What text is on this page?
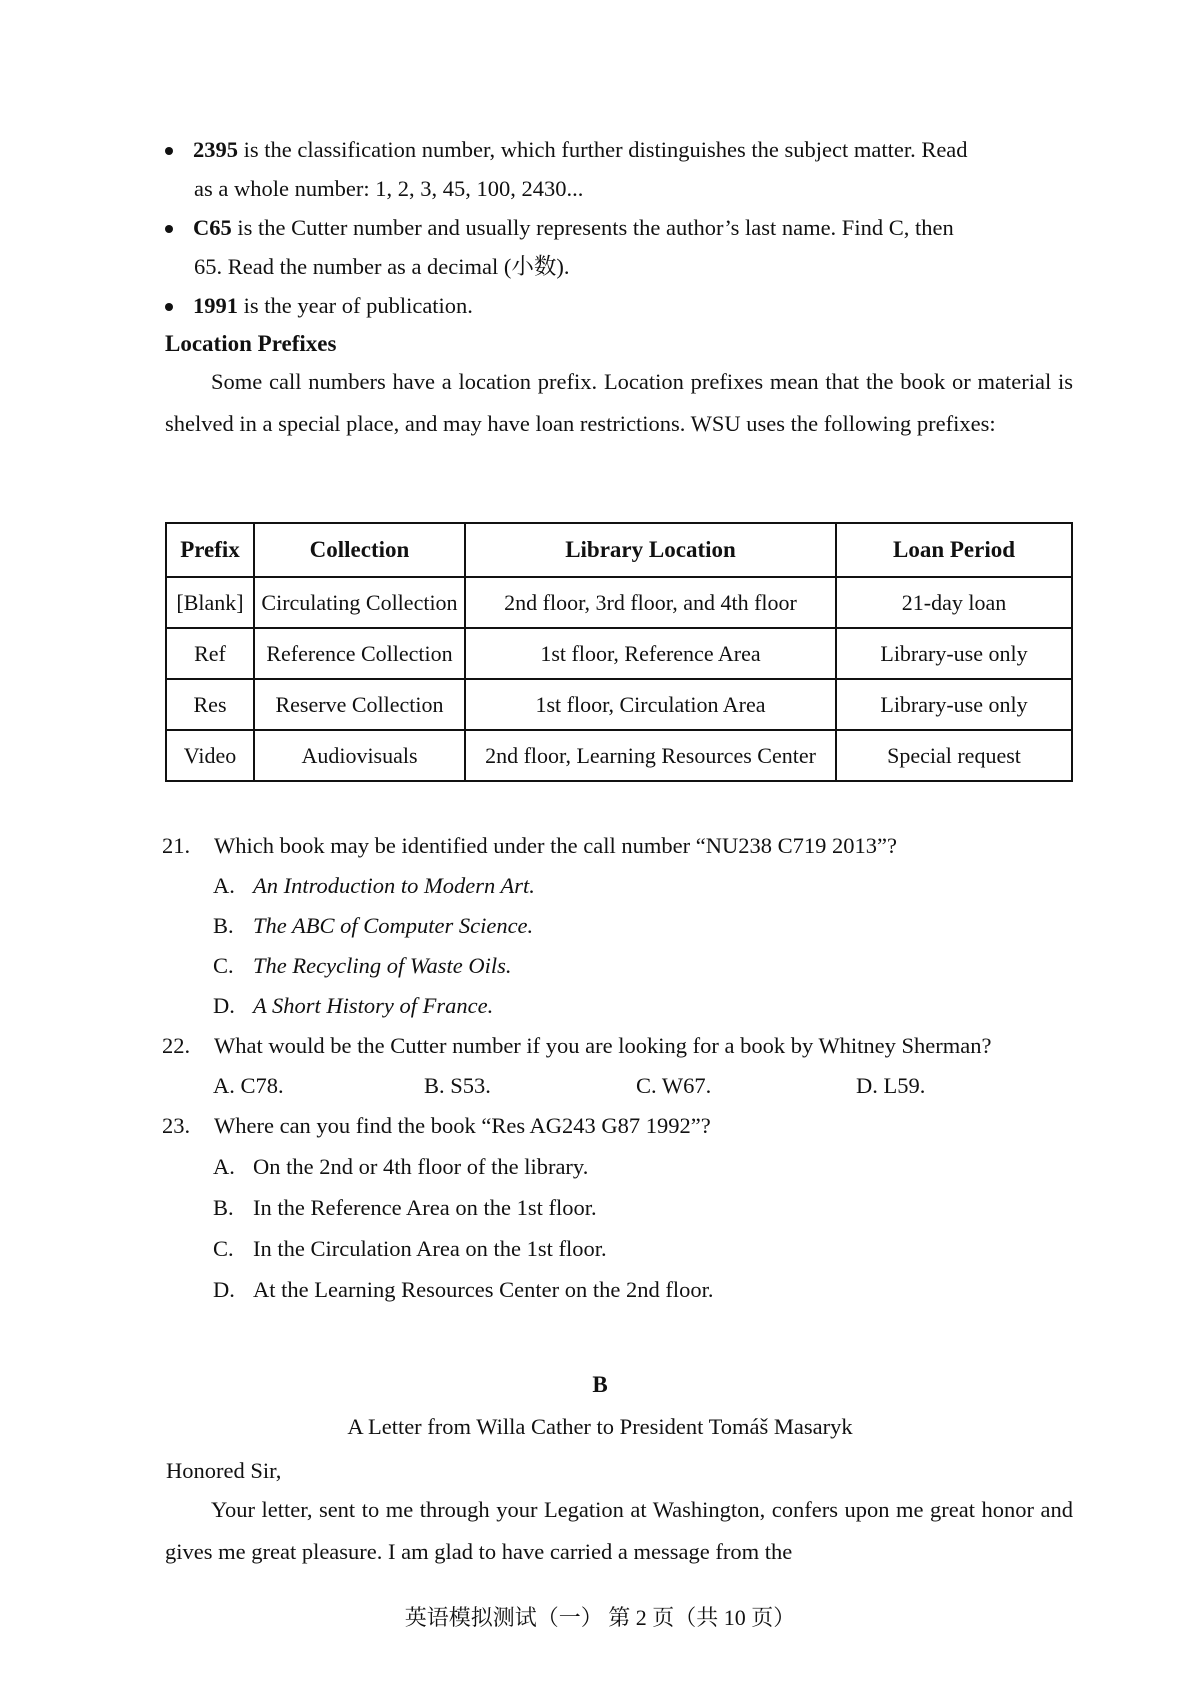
2395 is the classification number, which further distinguishes the subject matter. Read
as a whole number: 1, 2, 3, 45, 100, 2430...
C65 is the Cutter number and usually represents the author’s last name. Find C, then
65. Read the number as a decimal (小数).
1991 is the year of publication.
Location Prefixes
Some call numbers have a location prefix. Location prefixes mean that the book or material is shelved in a special place, and may have loan restrictions. WSU uses the following prefixes:
Prefix	Collection	Library Location	Loan Period
[Blank]	Circulating Collection	2nd floor, 3rd floor, and 4th floor	21-day loan
Ref	Reference Collection	1st floor, Reference Area	Library-use only
Res	Reserve Collection	1st floor, Circulation Area	Library-use only
Video	Audiovisuals	2nd floor, Learning Resources Center	Special request
21. Which book may be identified under the call number “NU238 C719 2013”?
A. An Introduction to Modern Art.
B. The ABC of Computer Science.
C. The Recycling of Waste Oils.
D. A Short History of France.
22. What would be the Cutter number if you are looking for a book by Whitney Sherman?
A. C78.	B. S53.	C. W67.	D. L59.
23. Where can you find the book “Res AG243 G87 1992”?
A. On the 2nd or 4th floor of the library.
B. In the Reference Area on the 1st floor.
C. In the Circulation Area on the 1st floor.
D. At the Learning Resources Center on the 2nd floor.
B
A Letter from Willa Cather to President Tomáš Masaryk
Honored Sir,
Your letter, sent to me through your Legation at Washington, confers upon me great honor and gives me great pleasure. I am glad to have carried a message from the
英语模拟测试（一） 第 2 页（共 10 页）
